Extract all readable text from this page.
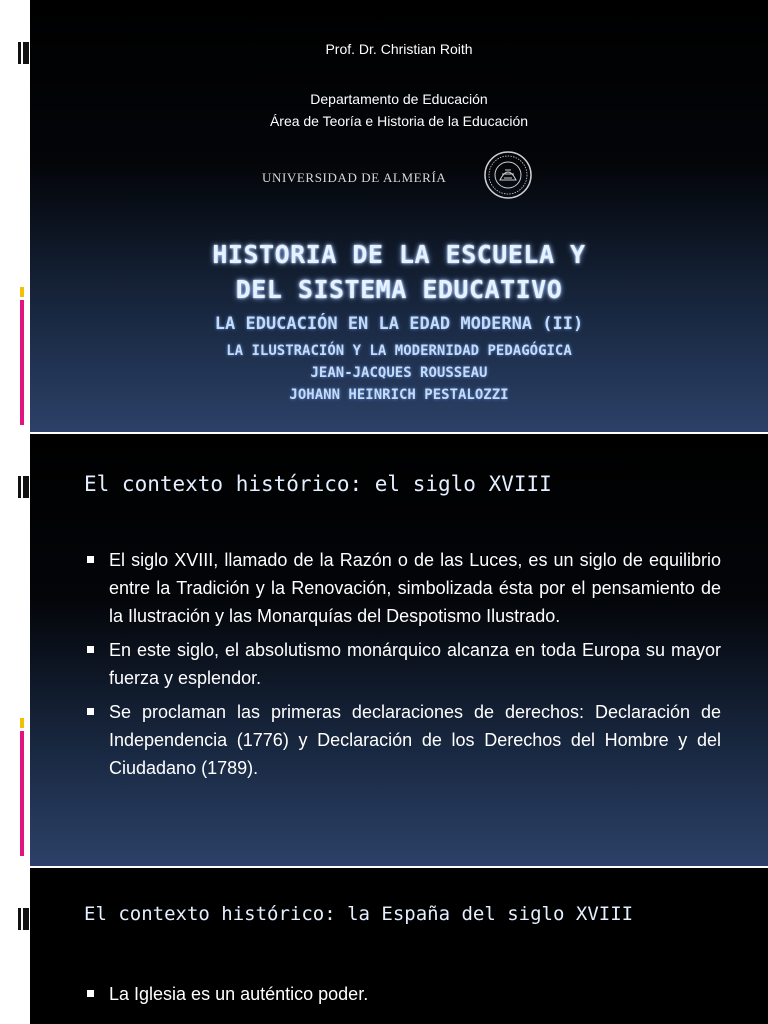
Prof. Dr. Christian Roith
Departamento de Educación
Área de Teoría e Historia de la Educación
UNIVERSIDAD DE ALMERÍA
HISTORIA DE LA ESCUELA Y
DEL SISTEMA EDUCATIVO
LA EDUCACIÓN EN LA EDAD MODERNA (II)
LA ILUSTRACIÓN Y LA MODERNIDAD PEDAGÓGICA
JEAN-JACQUES ROUSSEAU
JOHANN HEINRICH PESTALOZZI
El contexto histórico: el siglo XVIII
El siglo XVIII, llamado de la Razón o de las Luces, es un siglo de equilibrio entre la Tradición y la Renovación, simbolizada ésta por el pensamiento de la Ilustración y las Monarquías del Despotismo Ilustrado.
En este siglo, el absolutismo monárquico alcanza en toda Europa su mayor fuerza y esplendor.
Se proclaman las primeras declaraciones de derechos: Declaración de Independencia (1776) y Declaración de los Derechos del Hombre y del Ciudadano (1789).
El contexto histórico: la España del siglo XVIII
La Iglesia es un auténtico poder.
